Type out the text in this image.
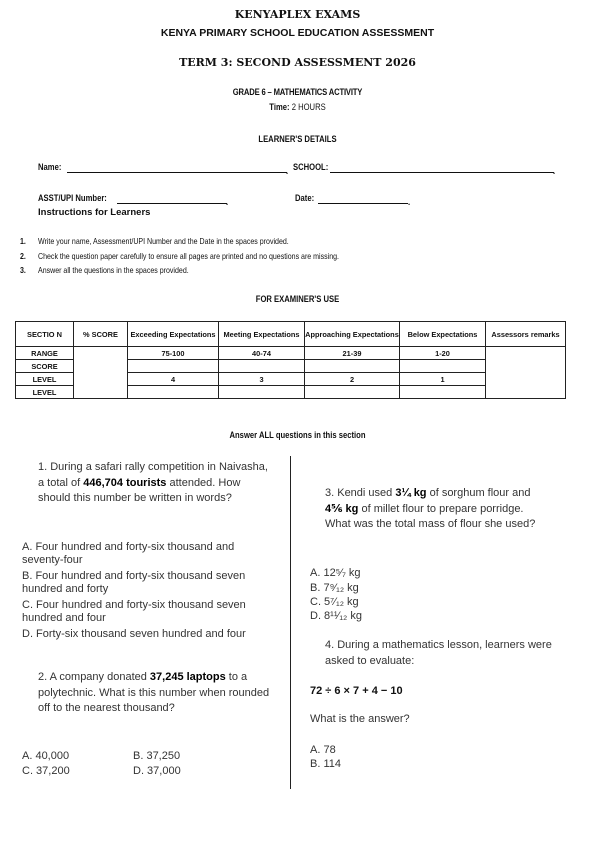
KENYAPLEX EXAMS
KENYA PRIMARY SCHOOL EDUCATION ASSESSMENT
TERM 3: SECOND ASSESSMENT 2026
GRADE 6 – MATHEMATICS ACTIVITY
Time: 2 HOURS
LEARNER'S DETAILS
Name:	. SCHOOL:	.
ASST/UPI Number:	.	Date:	.
Instructions for Learners
1. Write your name, Assessment/UPI Number and the Date in the spaces provided.
2. Check the question paper carefully to ensure all pages are printed and no questions are missing.
3. Answer all the questions in the spaces provided.
FOR EXAMINER'S USE
SECTIO N	% SCORE	Exceeding Expectations	Meeting Expectations	Approaching Expectations	Below Expectations	Assessors remarks
RANGE		75-100	40-74	21-39	1-20	
SCORE						
LEVEL		4	3	2	1	
LEVEL						
Answer ALL questions in this section
1. During a safari rally competition in Naivasha, a total of 446,704 tourists attended. How should this number be written in words?
A. Four hundred and forty-six thousand and seventy-four
B. Four hundred and forty-six thousand seven hundred and forty
C. Four hundred and forty-six thousand seven hundred and four
D. Forty-six thousand seven hundred and four
2. A company donated 37,245 laptops to a polytechnic. What is this number when rounded off to the nearest thousand?
A. 40,000	B. 37,250
C. 37,200	D. 37,000
3. Kendi used 3¼ kg of sorghum flour and 4⅚ kg of millet flour to prepare porridge. What was the total mass of flour she used?
A. 12⁵⁄₇ kg
B. 7⁹⁄₁₂ kg
C. 5⁷⁄₁₂ kg
D. 8¹¹⁄₁₂ kg
4. During a mathematics lesson, learners were asked to evaluate:
72 ÷ 6 × 7 + 4 − 10
What is the answer?
A. 78
B. 114
